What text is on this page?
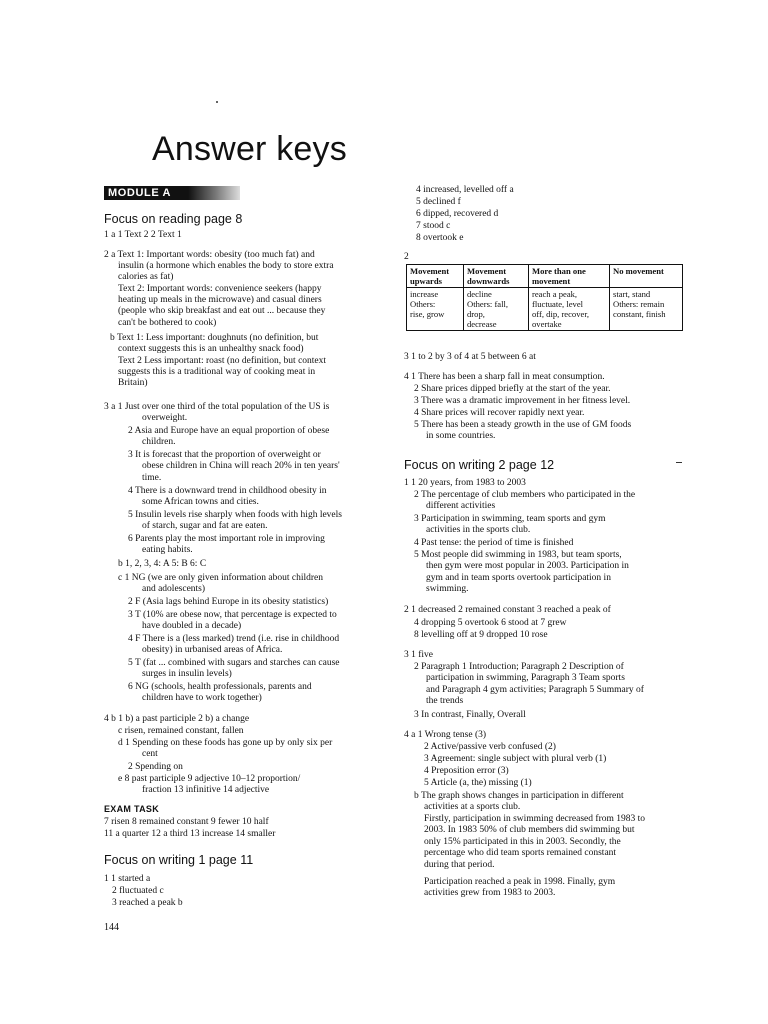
Answer keys
MODULE A
Focus on reading page 8
1 a 1 Text 2 2 Text 1
2 a Text 1: Important words: obesity (too much fat) and
insulin (a hormone which enables the body to store extra
calories as fat)
Text 2: Important words: convenience seekers (happy
heating up meals in the microwave) and casual diners
(people who skip breakfast and eat out ... because they
can't be bothered to cook)
b Text 1: Less important: doughnuts (no definition, but
context suggests this is an unhealthy snack food)
Text 2 Less important: roast (no definition, but context
suggests this is a traditional way of cooking meat in
Britain)
3 a 1 Just over one third of the total population of the US is
overweight.
2 Asia and Europe have an equal proportion of obese
children.
3 It is forecast that the proportion of overweight or
obese children in China will reach 20% in ten years'
time.
4 There is a downward trend in childhood obesity in
some African towns and cities.
5 Insulin levels rise sharply when foods with high levels
of starch, sugar and fat are eaten.
6 Parents play the most important role in improving
eating habits.
b 1, 2, 3, 4: A 5: B 6: C
c 1 NG (we are only given information about children
and adolescents)
2 F (Asia lags behind Europe in its obesity statistics)
3 T (10% are obese now, that percentage is expected to
have doubled in a decade)
4 F There is a (less marked) trend (i.e. rise in childhood
obesity) in urbanised areas of Africa.
5 T (fat ... combined with sugars and starches can cause
surges in insulin levels)
6 NG (schools, health professionals, parents and
children have to work together)
4 b 1 b) a past participle 2 b) a change
c risen, remained constant, fallen
d 1 Spending on these foods has gone up by only six per
cent
2 Spending on
e 8 past participle 9 adjective 10–12 proportion/
fraction 13 infinitive 14 adjective
EXAM TASK
7 risen 8 remained constant 9 fewer 10 half
11 a quarter 12 a third 13 increase 14 smaller
Focus on writing 1 page 11
1 1 started a
2 fluctuated c
3 reached a peak b
4 increased, levelled off a
5 declined f
6 dipped, recovered d
7 stood c
8 overtook e
2
3 1 to 2 by 3 of 4 at 5 between 6 at
4 1 There has been a sharp fall in meat consumption.
2 Share prices dipped briefly at the start of the year.
3 There was a dramatic improvement in her fitness level.
4 Share prices will recover rapidly next year.
5 There has been a steady growth in the use of GM foods
in some countries.
Focus on writing 2 page 12
1 1 20 years, from 1983 to 2003
2 The percentage of club members who participated in the
different activities
3 Participation in swimming, team sports and gym
activities in the sports club.
4 Past tense: the period of time is finished
5 Most people did swimming in 1983, but team sports,
then gym were most popular in 2003. Participation in
gym and in team sports overtook participation in
swimming.
2 1 decreased 2 remained constant 3 reached a peak of
4 dropping 5 overtook 6 stood at 7 grew
8 levelling off at 9 dropped 10 rose
3 1 five
2 Paragraph 1 Introduction; Paragraph 2 Description of
participation in swimming, Paragraph 3 Team sports
and Paragraph 4 gym activities; Paragraph 5 Summary of
the trends
3 In contrast, Finally, Overall
4 a 1 Wrong tense (3)
2 Active/passive verb confused (2)
3 Agreement: single subject with plural verb (1)
4 Preposition error (3)
5 Article (a, the) missing (1)
b The graph shows changes in participation in different
activities at a sports club.
Firstly, participation in swimming decreased from 1983 to
2003. In 1983 50% of club members did swimming but
only 15% participated in this in 2003. Secondly, the
percentage who did team sports remained constant
during that period.
Participation reached a peak in 1998. Finally, gym
activities grew from 1983 to 2003.
Movement upwards	Movement downwards	More than one movement	No movement
increase
Others:
rise, grow	decline
Others: fall,
drop,
decrease	reach a peak,
fluctuate, level
off, dip, recover,
overtake	start, stand
Others: remain
constant, finish
144
